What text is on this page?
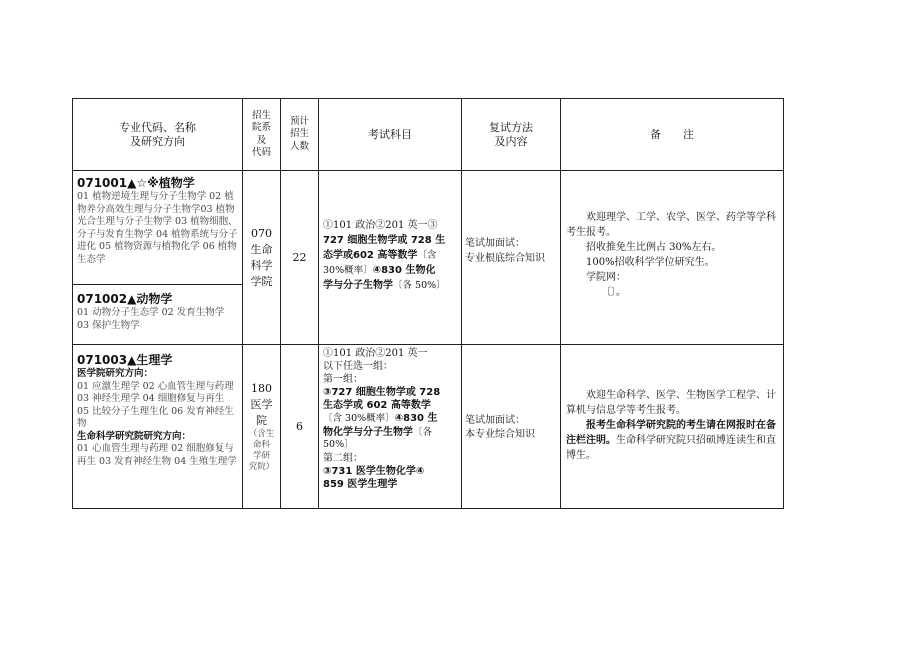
专业代码、名称
及研究方向
招生
院系
及
代码
预计
招生
人数
考试科目
复试方法
及内容
备　　注

071001▲☆※植物学

01 植物逆境生理与分子生物学 02 植物养分高效生理与分子生物学03 植物光合生理与分子生物学 03 植物细胞、分子与发育生物学 04 植物系统与分子进化 05 植物资源与植物化学 06 植物生态学

071002▲动物学

01 动物分子生态学 02 发育生物学 03 保护生物学

070
生命
科学
学院
22
①101 政治②201 英一③
727 细胞生物学或 728 生
态学或602 高等数学〔含
30%概率〕④830 生物化
学与分子生物学〔各 50%〕
笔试加面试：
专业根底综合知识

欢迎理学、工学、农学、医学、药学等学科考生报考。

招收推免生比例占 30%左右。

100%招收科学学位研究生。

学院网：

〔〕。

071003▲生理学

医学院研究方向：

01 应激生理学 02 心血管生理与药理 03 神经生理学 04 细胞修复与再生 05 比较分子生理生化 06 发育神经生物

生命科学研究院研究方向：

01 心血管生理与药理 02 细胞修复与再生 03 发育神经生物 04 生殖生理学

180
医学
院
（含生
命科
学研
究院）
6
①101 政治②201 英一
以下任选一组：
第一组：
③727 细胞生物学或 728
生态学或 602 高等数学
〔含 30%概率〕④830 生
物化学与分子生物学〔各
50%〕
第二组：
③731 医学生物化学④
859 医学生理学
笔试加面试：
本专业综合知识

欢迎生命科学、医学、生物医学工程学、计算机与信息学等考生报考。

报考生命科学研究院的考生请在网报时在备注栏注明。生命科学研究院只招硕博连读生和直博生。
